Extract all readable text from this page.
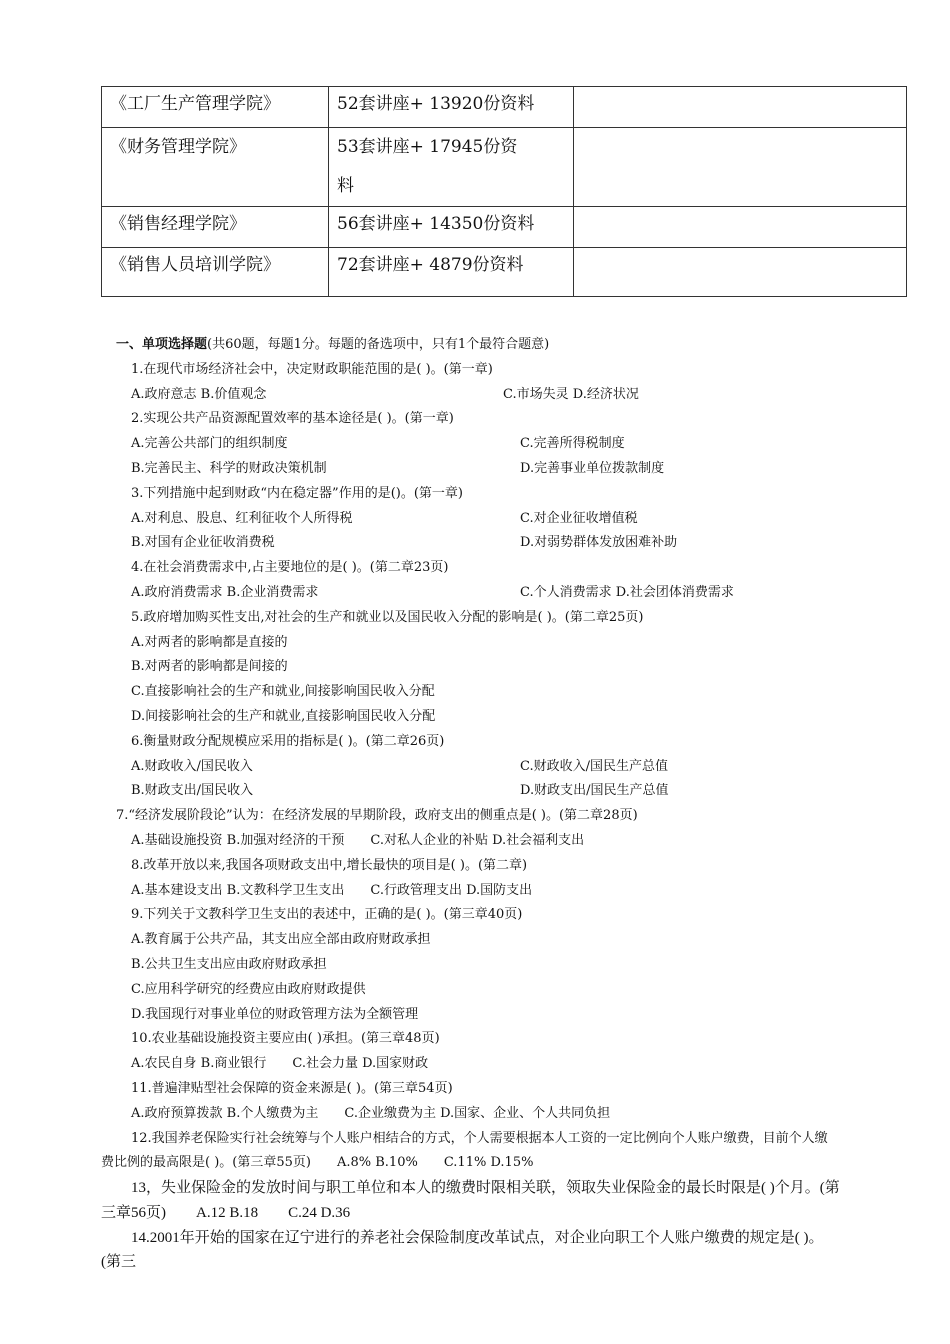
《工厂生产管理学院》	52套讲座+ 13920份资料	
《财务管理学院》	53套讲座+ 17945份资
料	

《销售经理学院》	56套讲座+ 14350份资料	
《销售人员培训学院》	72套讲座+ 4879份资料	
一、单项选择题(共60题，每题1分。每题的备选项中，只有1个最符合题意)
1.在现代市场经济社会中，决定财政职能范围的是( )。(第一章)
A.政府意志 B.价值观念	C.市场失灵 D.经济状况
2.实现公共产品资源配置效率的基本途径是( )。(第一章)
A.完善公共部门的组织制度	C.完善所得税制度
B.完善民主、科学的财政决策机制	D.完善事业单位拨款制度
3.下列措施中起到财政“内在稳定器”作用的是()。(第一章)
A.对利息、股息、红利征收个人所得税	C.对企业征收增值税
B.对国有企业征收消费税	D.对弱势群体发放困难补助
4.在社会消费需求中,占主要地位的是( )。(第二章23页)
A.政府消费需求 B.企业消费需求	C.个人消费需求 D.社会团体消费需求
5.政府增加购买性支出,对社会的生产和就业以及国民收入分配的影响是( )。(第二章25页)
A.对两者的影响都是直接的
B.对两者的影响都是间接的
C.直接影响社会的生产和就业,间接影响国民收入分配
D.间接影响社会的生产和就业,直接影响国民收入分配
6.衡量财政分配规模应采用的指标是( )。(第二章26页)
A.财政收入/国民收入	C.财政收入/国民生产总值
B.财政支出/国民收入	D.财政支出/国民生产总值
7.“经济发展阶段论”认为：在经济发展的早期阶段，政府支出的侧重点是( )。(第二章28页)
A.基础设施投资 B.加强对经济的干预　　C.对私人企业的补贴 D.社会福利支出
8.改革开放以来,我国各项财政支出中,增长最快的项目是( )。(第二章)
A.基本建设支出 B.文教科学卫生支出　　C.行政管理支出 D.国防支出
9.下列关于文教科学卫生支出的表述中，正确的是( )。(第三章40页)
A.教育属于公共产品，其支出应全部由政府财政承担
B.公共卫生支出应由政府财政承担
C.应用科学研究的经费应由政府财政提供
D.我国现行对事业单位的财政管理方法为全额管理
10.农业基础设施投资主要应由( )承担。(第三章48页)
A.农民自身 B.商业银行　　C.社会力量 D.国家财政
11.普遍津贴型社会保障的资金来源是( )。(第三章54页)
A.政府预算拨款 B.个人缴费为主　　C.企业缴费为主 D.国家、企业、个人共同负担
12.我国养老保险实行社会统筹与个人账户相结合的方式，个人需要根据本人工资的一定比例向个人账户缴费，目前个人缴费比例的最高限是( )。(第三章55页)　　A.8% B.10%　　C.11% D.15%
13，失业保险金的发放时间与职工单位和本人的缴费时限相关联，领取失业保险金的最长时限是( )个月。(第三章56页)　　A.12 B.18　　C.24 D.36
14.2001年开始的国家在辽宁进行的养老社会保险制度改革试点，对企业向职工个人账户缴费的规定是( )。(第三
